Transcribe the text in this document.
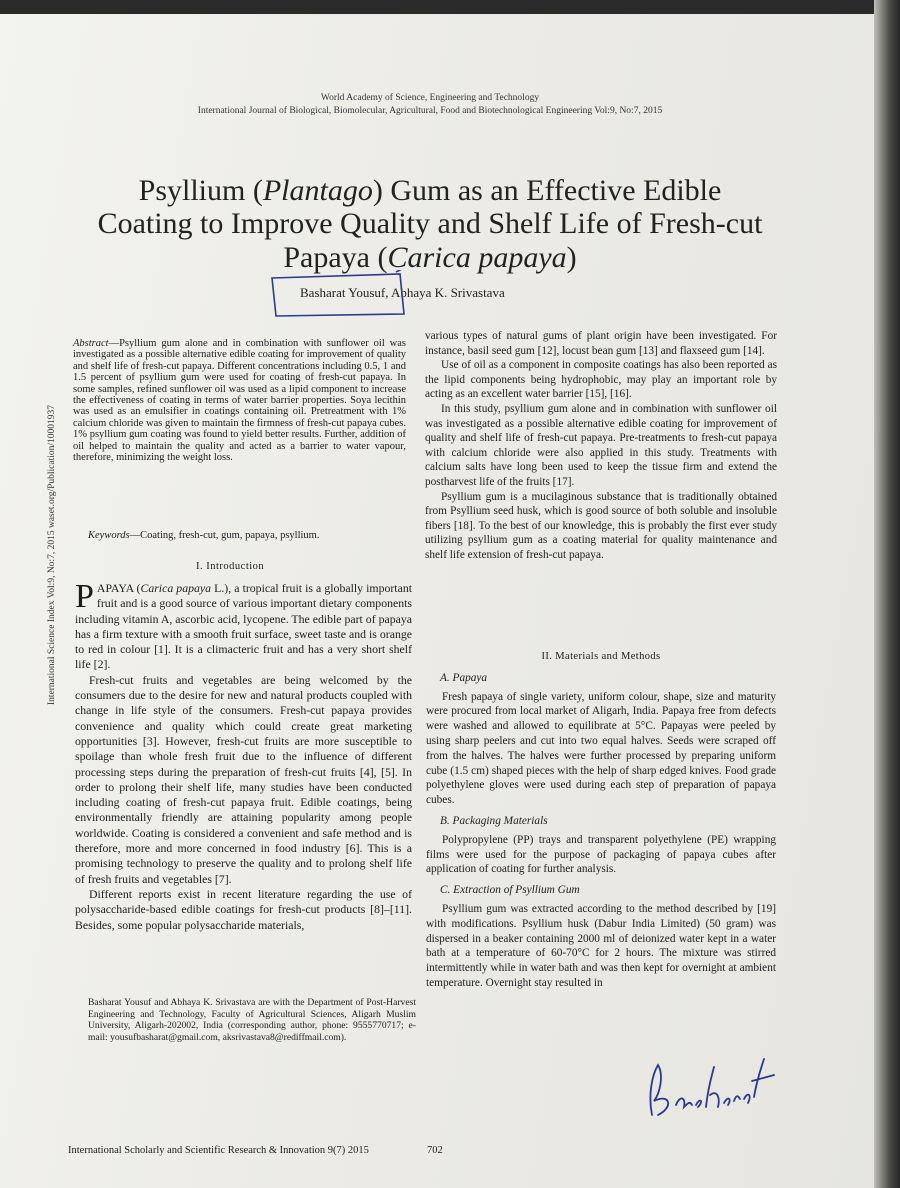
World Academy of Science, Engineering and Technology
International Journal of Biological, Biomolecular, Agricultural, Food and Biotechnological Engineering Vol:9, No:7, 2015
Psyllium (Plantago) Gum as an Effective Edible
Coating to Improve Quality and Shelf Life of Fresh-cut
Papaya (Carica papaya)
Basharat Yousuf, Abhaya K. Srivastava
International Science Index Vol:9, No:7, 2015 waset.org/Publication/10001937

Abstract—Psyllium gum alone and in combination with sunflower oil was investigated as a possible alternative edible coating for improvement of quality and shelf life of fresh-cut papaya. Different concentrations including 0.5, 1 and 1.5 percent of psyllium gum were used for coating of fresh-cut papaya. In some samples, refined sunflower oil was used as a lipid component to increase the effectiveness of coating in terms of water barrier properties. Soya lecithin was used as an emulsifier in coatings containing oil. Pretreatment with 1% calcium chloride was given to maintain the firmness of fresh-cut papaya cubes. 1% psyllium gum coating was found to yield better results. Further, addition of oil helped to maintain the quality and acted as a barrier to water vapour, therefore, minimizing the weight loss.

Keywords—Coating, fresh-cut, gum, papaya, psyllium.
I. Introduction

PAPAYA (Carica papaya L.), a tropical fruit is a globally important fruit and is a good source of various important dietary components including vitamin A, ascorbic acid, lycopene. The edible part of papaya has a firm texture with a smooth fruit surface, sweet taste and is orange to red in colour [1]. It is a climacteric fruit and has a very short shelf life [2].

Fresh-cut fruits and vegetables are being welcomed by the consumers due to the desire for new and natural products coupled with change in life style of the consumers. Fresh-cut papaya provides convenience and quality which could create great marketing opportunities [3]. However, fresh-cut fruits are more susceptible to spoilage than whole fresh fruit due to the influence of different processing steps during the preparation of fresh-cut fruits [4], [5]. In order to prolong their shelf life, many studies have been conducted including coating of fresh-cut papaya fruit. Edible coatings, being environmentally friendly are attaining popularity among people worldwide. Coating is considered a convenient and safe method and is therefore, more and more concerned in food industry [6]. This is a promising technology to preserve the quality and to prolong shelf life of fresh fruits and vegetables [7].

Different reports exist in recent literature regarding the use of polysaccharide-based edible coatings for fresh-cut products [8]–[11]. Besides, some popular polysaccharide materials,

Basharat Yousuf and Abhaya K. Srivastava are with the Department of Post-Harvest Engineering and Technology, Faculty of Agricultural Sciences, Aligarh Muslim University, Aligarh-202002, India (corresponding author, phone: 9555770717; e-mail: yousufbasharat@gmail.com, aksrivastava8@rediffmail.com).

various types of natural gums of plant origin have been investigated. For instance, basil seed gum [12], locust bean gum [13] and flaxseed gum [14].

Use of oil as a component in composite coatings has also been reported as the lipid components being hydrophobic, may play an important role by acting as an excellent water barrier [15], [16].

In this study, psyllium gum alone and in combination with sunflower oil was investigated as a possible alternative edible coating for improvement of quality and shelf life of fresh-cut papaya. Pre-treatments to fresh-cut papaya with calcium chloride were also applied in this study. Treatments with calcium salts have long been used to keep the tissue firm and extend the postharvest life of the fruits [17].

Psyllium gum is a mucilaginous substance that is traditionally obtained from Psyllium seed husk, which is good source of both soluble and insoluble fibers [18]. To the best of our knowledge, this is probably the first ever study utilizing psyllium gum as a coating material for quality maintenance and shelf life extension of fresh-cut papaya.

II. Materials and Methods
A. Papaya

Fresh papaya of single variety, uniform colour, shape, size and maturity were procured from local market of Aligarh, India. Papaya free from defects were washed and allowed to equilibrate at 5°C. Papayas were peeled by using sharp peelers and cut into two equal halves. Seeds were scraped off from the halves. The halves were further processed by preparing uniform cube (1.5 cm) shaped pieces with the help of sharp edged knives. Food grade polyethylene gloves were used during each step of preparation of papaya cubes.

B. Packaging Materials

Polypropylene (PP) trays and transparent polyethylene (PE) wrapping films were used for the purpose of packaging of papaya cubes after application of coating for further analysis.

C. Extraction of Psyllium Gum

Psyllium gum was extracted according to the method described by [19] with modifications. Psyllium husk (Dabur India Limited) (50 gram) was dispersed in a beaker containing 2000 ml of deionized water kept in a water bath at a temperature of 60-70°C for 2 hours. The mixture was stirred intermittently while in water bath and was then kept for overnight at ambient temperature. Overnight stay resulted in

International Scholarly and Scientific Research & Innovation 9(7) 2015	702
